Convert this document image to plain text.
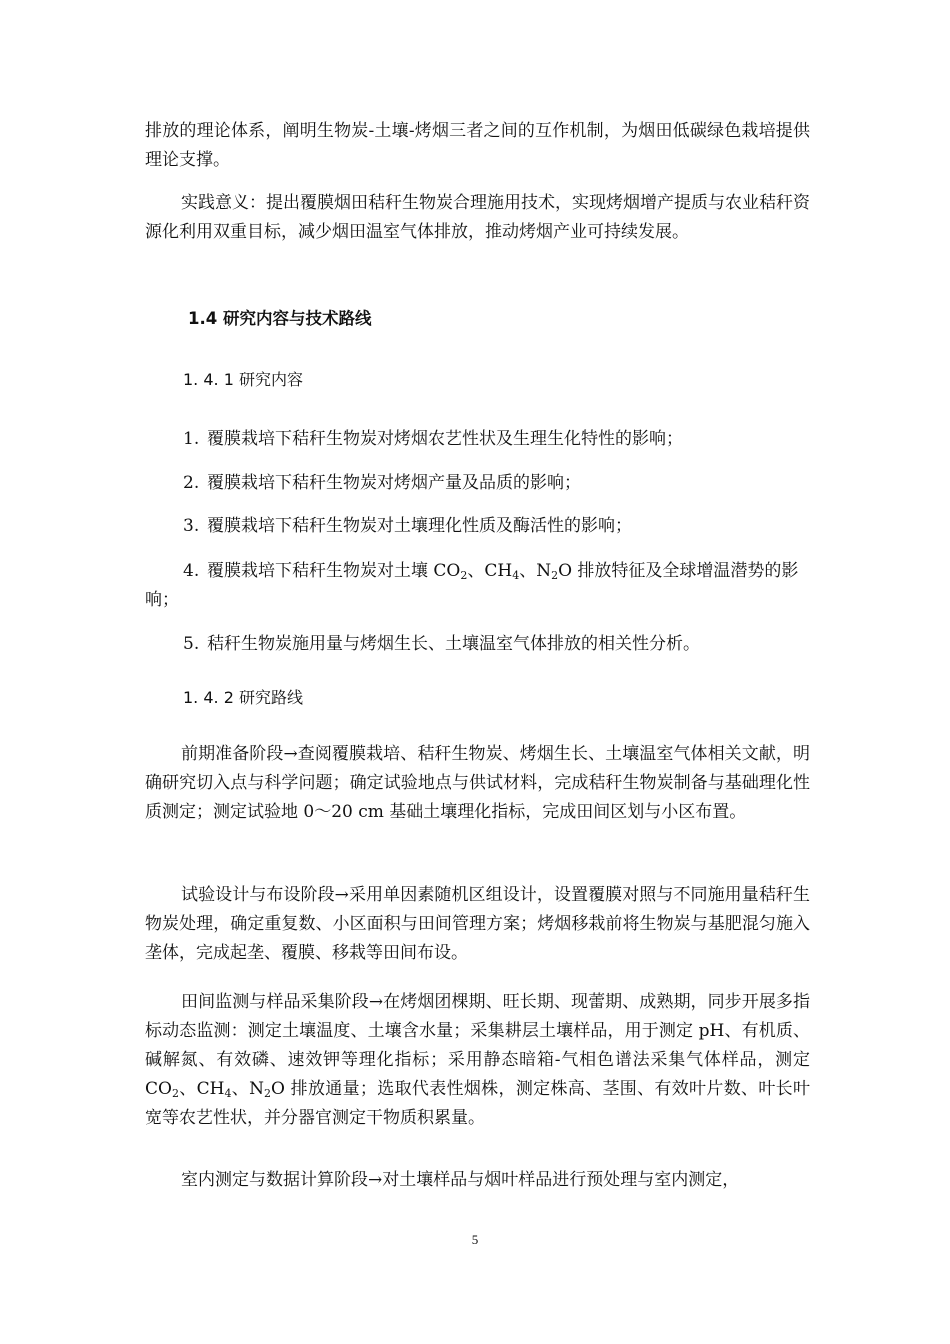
排放的理论体系，阐明生物炭-土壤-烤烟三者之间的互作机制，为烟田低碳绿色栽培提供理论支撑。

实践意义：提出覆膜烟田秸秆生物炭合理施用技术，实现烤烟增产提质与农业秸秆资源化利用双重目标，减少烟田温室气体排放，推动烤烟产业可持续发展。

1.4 研究内容与技术路线
1. 4. 1 研究内容

1. 覆膜栽培下秸秆生物炭对烤烟农艺性状及生理生化特性的影响；

2. 覆膜栽培下秸秆生物炭对烤烟产量及品质的影响；

3. 覆膜栽培下秸秆生物炭对土壤理化性质及酶活性的影响；

4. 覆膜栽培下秸秆生物炭对土壤 $CO_2$、$CH_4$、$N_2O$ 排放特征及全球增温潜势的影响；

5. 秸秆生物炭施用量与烤烟生长、土壤温室气体排放的相关性分析。

1. 4. 2 研究路线

前期准备阶段→查阅覆膜栽培、秸秆生物炭、烤烟生长、土壤温室气体相关文献，明确研究切入点与科学问题；确定试验地点与供试材料，完成秸秆生物炭制备与基础理化性质测定；测定试验地 0～20 cm 基础土壤理化指标，完成田间区划与小区布置。

试验设计与布设阶段→采用单因素随机区组设计，设置覆膜对照与不同施用量秸秆生物炭处理，确定重复数、小区面积与田间管理方案；烤烟移栽前将生物炭与基肥混匀施入垄体，完成起垄、覆膜、移栽等田间布设。

田间监测与样品采集阶段→在烤烟团棵期、旺长期、现蕾期、成熟期，同步开展多指标动态监测：测定土壤温度、土壤含水量；采集耕层土壤样品，用于测定 pH、有机质、碱解氮、有效磷、速效钾等理化指标；采用静态暗箱-气相色谱法采集气体样品，测定 $CO_2$、$CH_4$、$N_2O$ 排放通量；选取代表性烟株，测定株高、茎围、有效叶片数、叶长叶宽等农艺性状，并分器官测定干物质积累量。

室内测定与数据计算阶段→对土壤样品与烟叶样品进行预处理与室内测定，

5
